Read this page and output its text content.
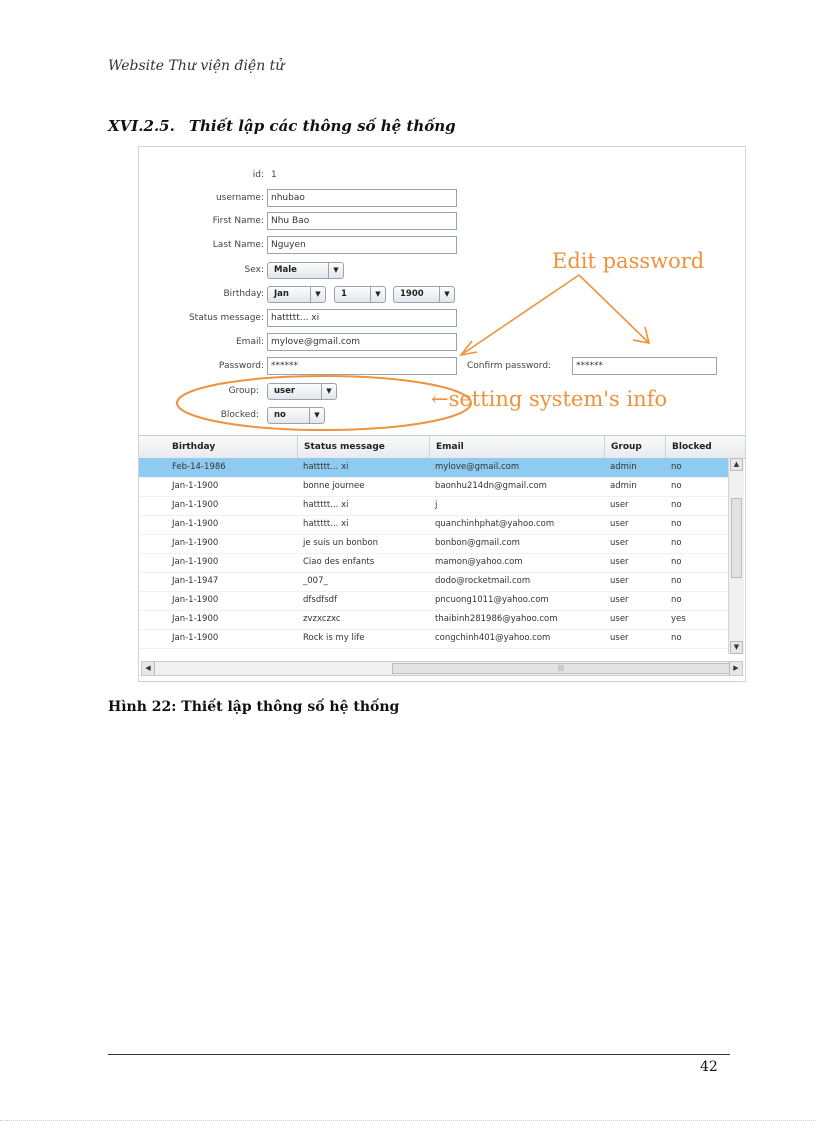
Website Thư viện điện tử
XVI.2.5. Thiết lập các thông số hệ thống
id: 1
username: nhubao
First Name: Nhu Bao
Last Name: Nguyen
Sex:	Male	▼
Birthday:	Jan	▼	1	▼	1900	▼
Status message: hattttt... xi
Email: mylove@gmail.com
Password: ******	Confirm password:	******
Group:	user	▼
Blocked:	no	▼
Edit password
←setting system's info
Birthday	Status message	Email	Group	Blocked
Feb-14-1986	hattttt... xi	mylove@gmail.com	admin	no
Jan-1-1900	bonne journee	baonhu214dn@gmail.com	admin	no
Jan-1-1900	hattttt... xi	j	user	no
Jan-1-1900	hattttt... xi	quanchinhphat@yahoo.com	user	no
Jan-1-1900	je suis un bonbon	bonbon@gmail.com	user	no
Jan-1-1900	Ciao des enfants	mamon@yahoo.com	user	no
Jan-1-1947	_007_	dodo@rocketmail.com	user	no
Jan-1-1900	dfsdfsdf	pncuong1011@yahoo.com	user	no
Jan-1-1900	zvzxczxc	thaibinh281986@yahoo.com	user	yes
Jan-1-1900	Rock is my life	congchinh401@yahoo.com	user	no
▲
▼
◀	|||	▶
Hình 22: Thiết lập thông số hệ thống
42
